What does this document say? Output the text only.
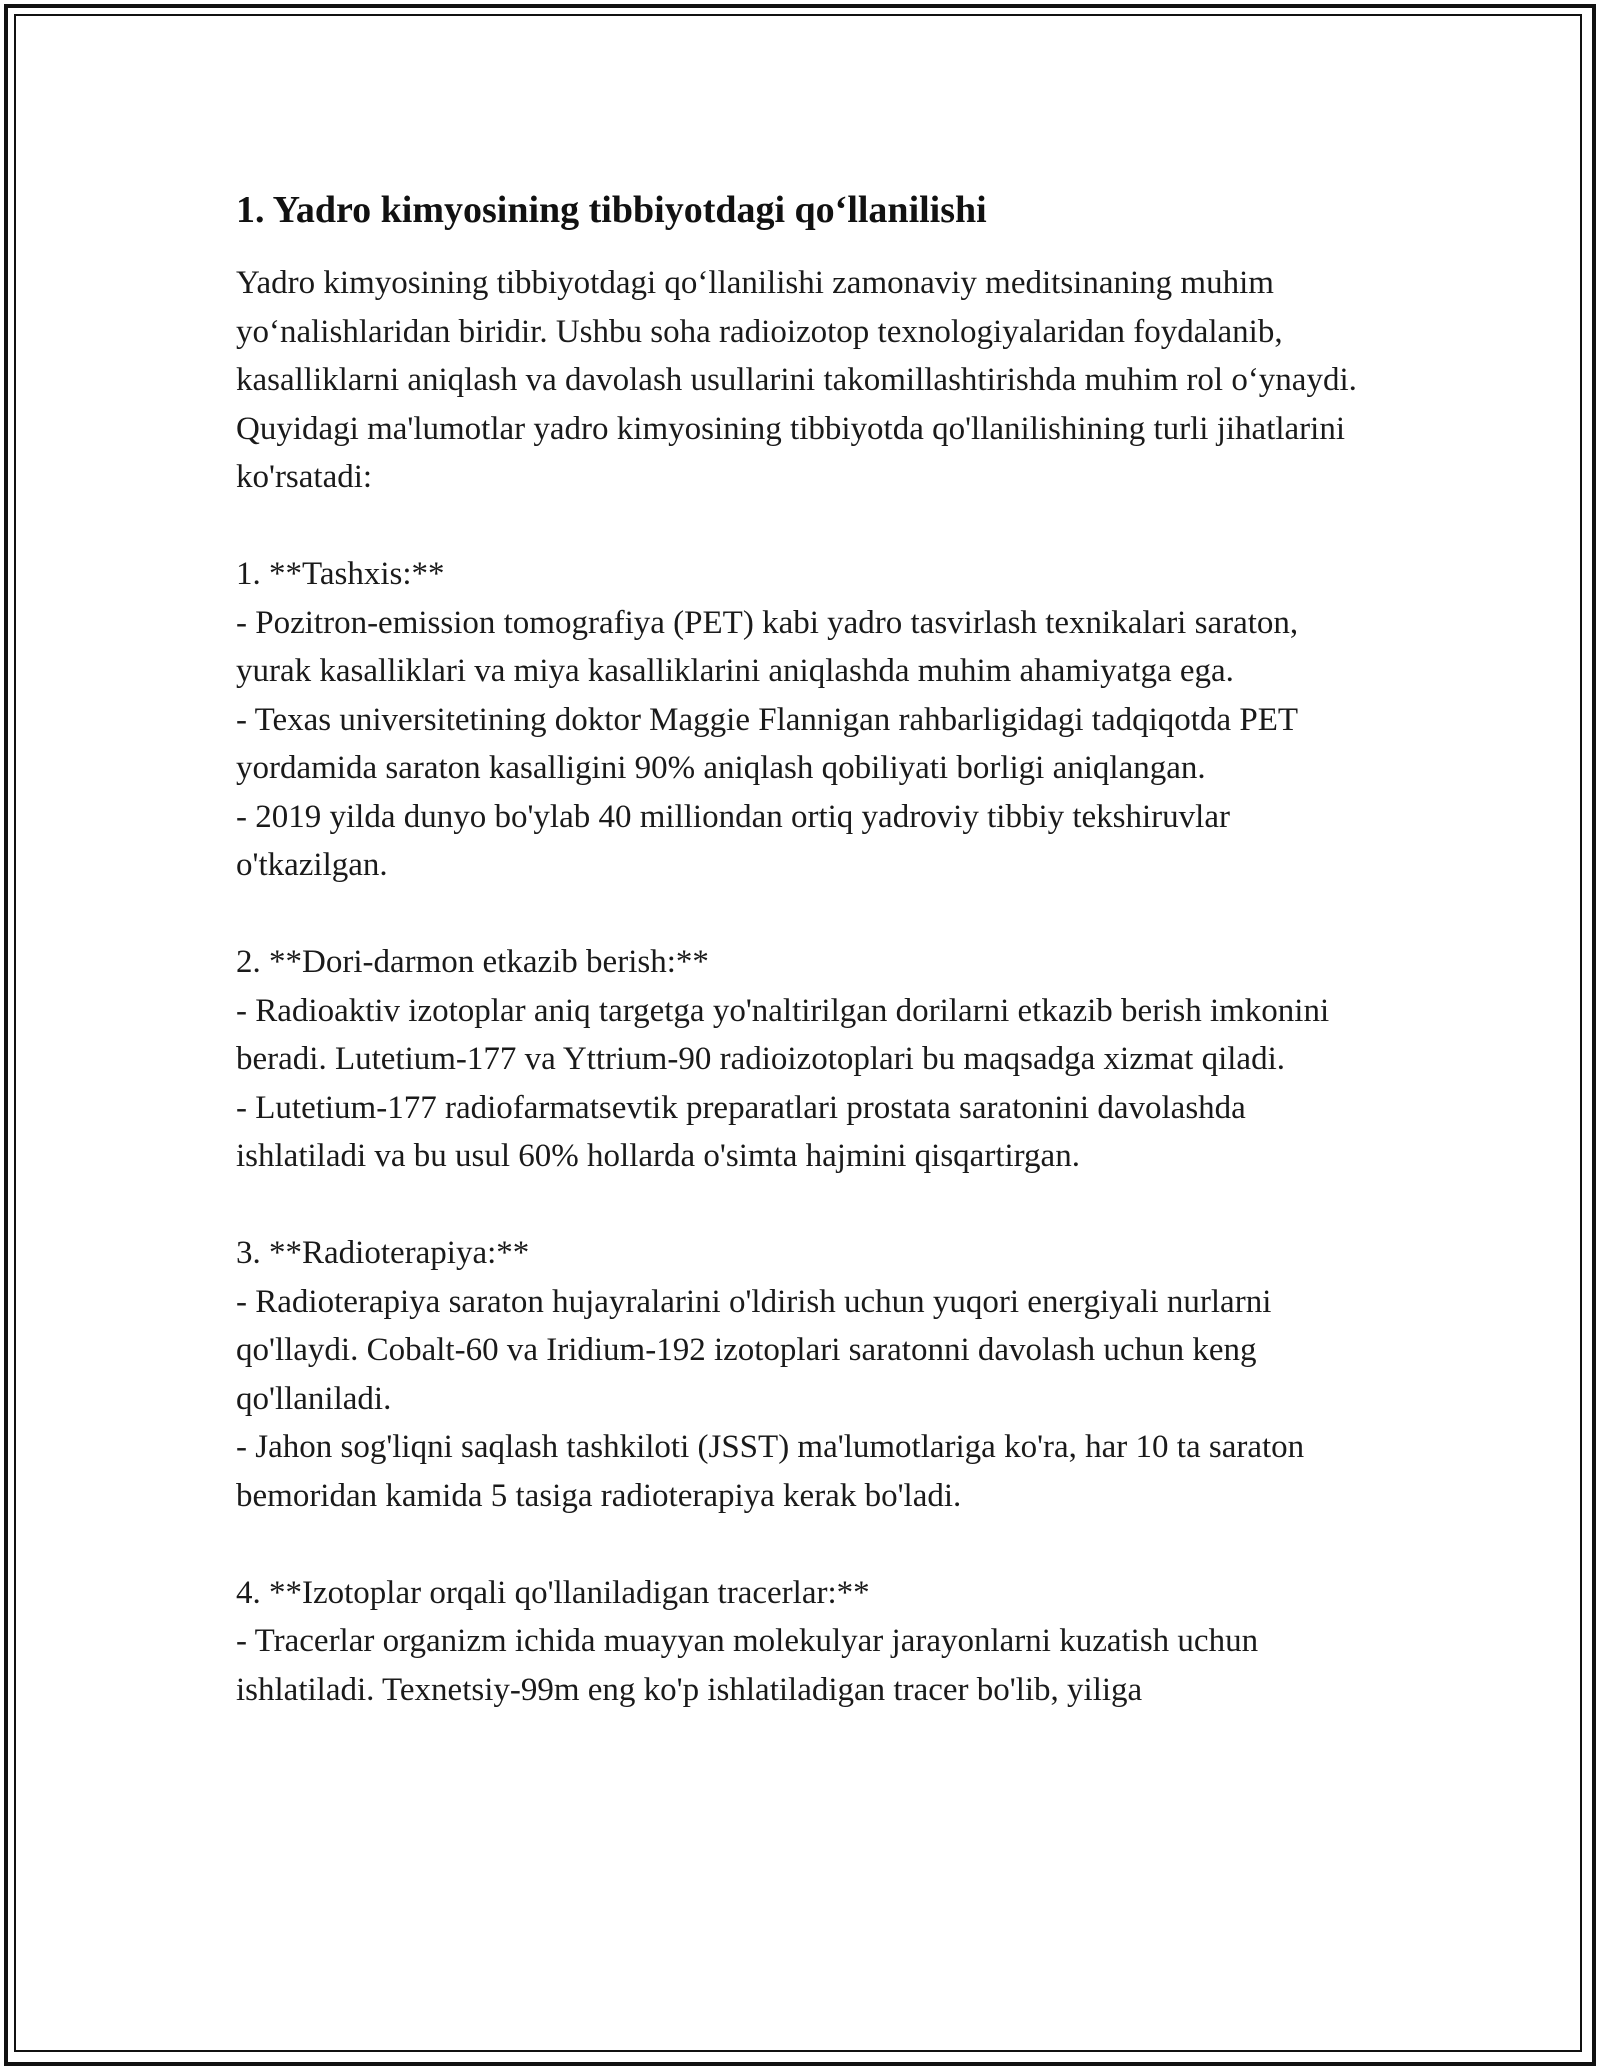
1. Yadro kimyosining tibbiyotdagi qo‘llanilishi

Yadro kimyosining tibbiyotdagi qo‘llanilishi zamonaviy meditsinaning muhim yo‘nalishlaridan biridir. Ushbu soha radioizotop texnologiyalaridan foydalanib, kasalliklarni aniqlash va davolash usullarini takomillashtirishda muhim rol o‘ynaydi. Quyidagi ma'lumotlar yadro kimyosining tibbiyotda qo'llanilishining turli jihatlarini ko'rsatadi:

1. **Tashxis:**

- Pozitron-emission tomografiya (PET) kabi yadro tasvirlash texnikalari saraton, yurak kasalliklari va miya kasalliklarini aniqlashda muhim ahamiyatga ega.

- Texas universitetining doktor Maggie Flannigan rahbarligidagi tadqiqotda PET yordamida saraton kasalligini 90% aniqlash qobiliyati borligi aniqlangan.

- 2019 yilda dunyo bo'ylab 40 milliondan ortiq yadroviy tibbiy tekshiruvlar o'tkazilgan.

2. **Dori-darmon etkazib berish:**

- Radioaktiv izotoplar aniq targetga yo'naltirilgan dorilarni etkazib berish imkonini beradi. Lutetium-177 va Yttrium-90 radioizotoplari bu maqsadga xizmat qiladi.

- Lutetium-177 radiofarmatsevtik preparatlari prostata saratonini davolashda ishlatiladi va bu usul 60% hollarda o'simta hajmini qisqartirgan.

3. **Radioterapiya:**

- Radioterapiya saraton hujayralarini o'ldirish uchun yuqori energiyali nurlarni qo'llaydi. Cobalt-60 va Iridium-192 izotoplari saratonni davolash uchun keng qo'llaniladi.

- Jahon sog'liqni saqlash tashkiloti (JSST) ma'lumotlariga ko'ra, har 10 ta saraton bemoridan kamida 5 tasiga radioterapiya kerak bo'ladi.

4. **Izotoplar orqali qo'llaniladigan tracerlar:**

- Tracerlar organizm ichida muayyan molekulyar jarayonlarni kuzatish uchun ishlatiladi. Texnetsiy-99m eng ko'p ishlatiladigan tracer bo'lib, yiliga
